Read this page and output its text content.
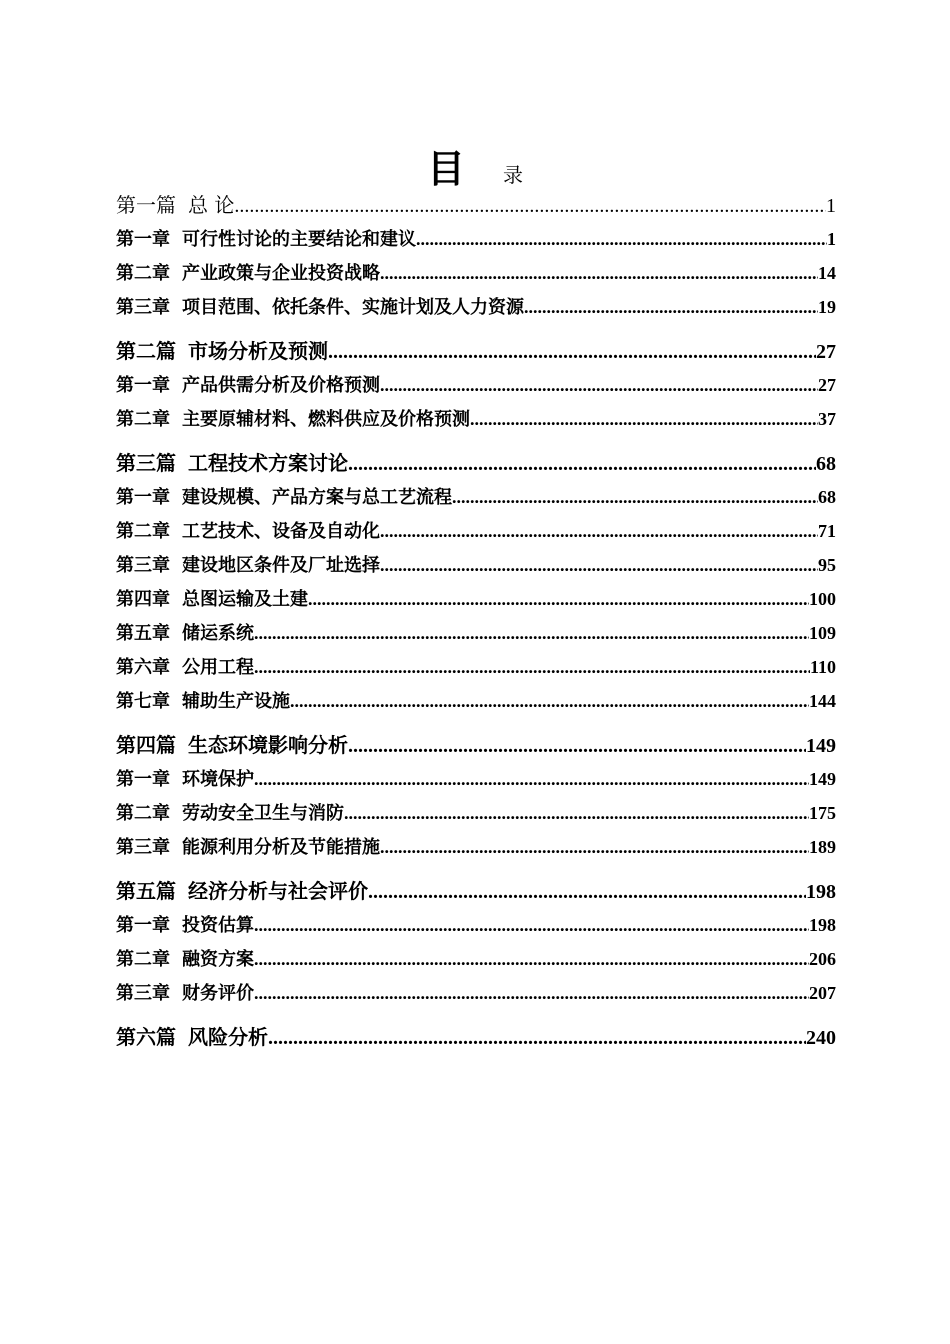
目 录
第一篇 总 论 .....	1
第一章 可行性讨论的主要结论和建议 .....	1
第二章 产业政策与企业投资战略 .....	14
第三章 项目范围、依托条件、实施计划及人力资源 .....	19
第二篇 市场分析及预测 .....	27
第一章 产品供需分析及价格预测 .....	27
第二章 主要原辅材料、燃料供应及价格预测 .....	37
第三篇 工程技术方案讨论 .....	68
第一章 建设规模、产品方案与总工艺流程 .....	68
第二章 工艺技术、设备及自动化 .....	71
第三章 建设地区条件及厂址选择 .....	95
第四章 总图运输及土建 .....	100
第五章 储运系统 .....	109
第六章 公用工程 .....	110
第七章 辅助生产设施 .....	144
第四篇 生态环境影响分析 .....	149
第一章 环境保护 .....	149
第二章 劳动安全卫生与消防 .....	175
第三章 能源利用分析及节能措施 .....	189
第五篇 经济分析与社会评价 .....	198
第一章 投资估算 .....	198
第二章 融资方案 .....	206
第三章 财务评价 .....	207
第六篇 风险分析 .....	240
